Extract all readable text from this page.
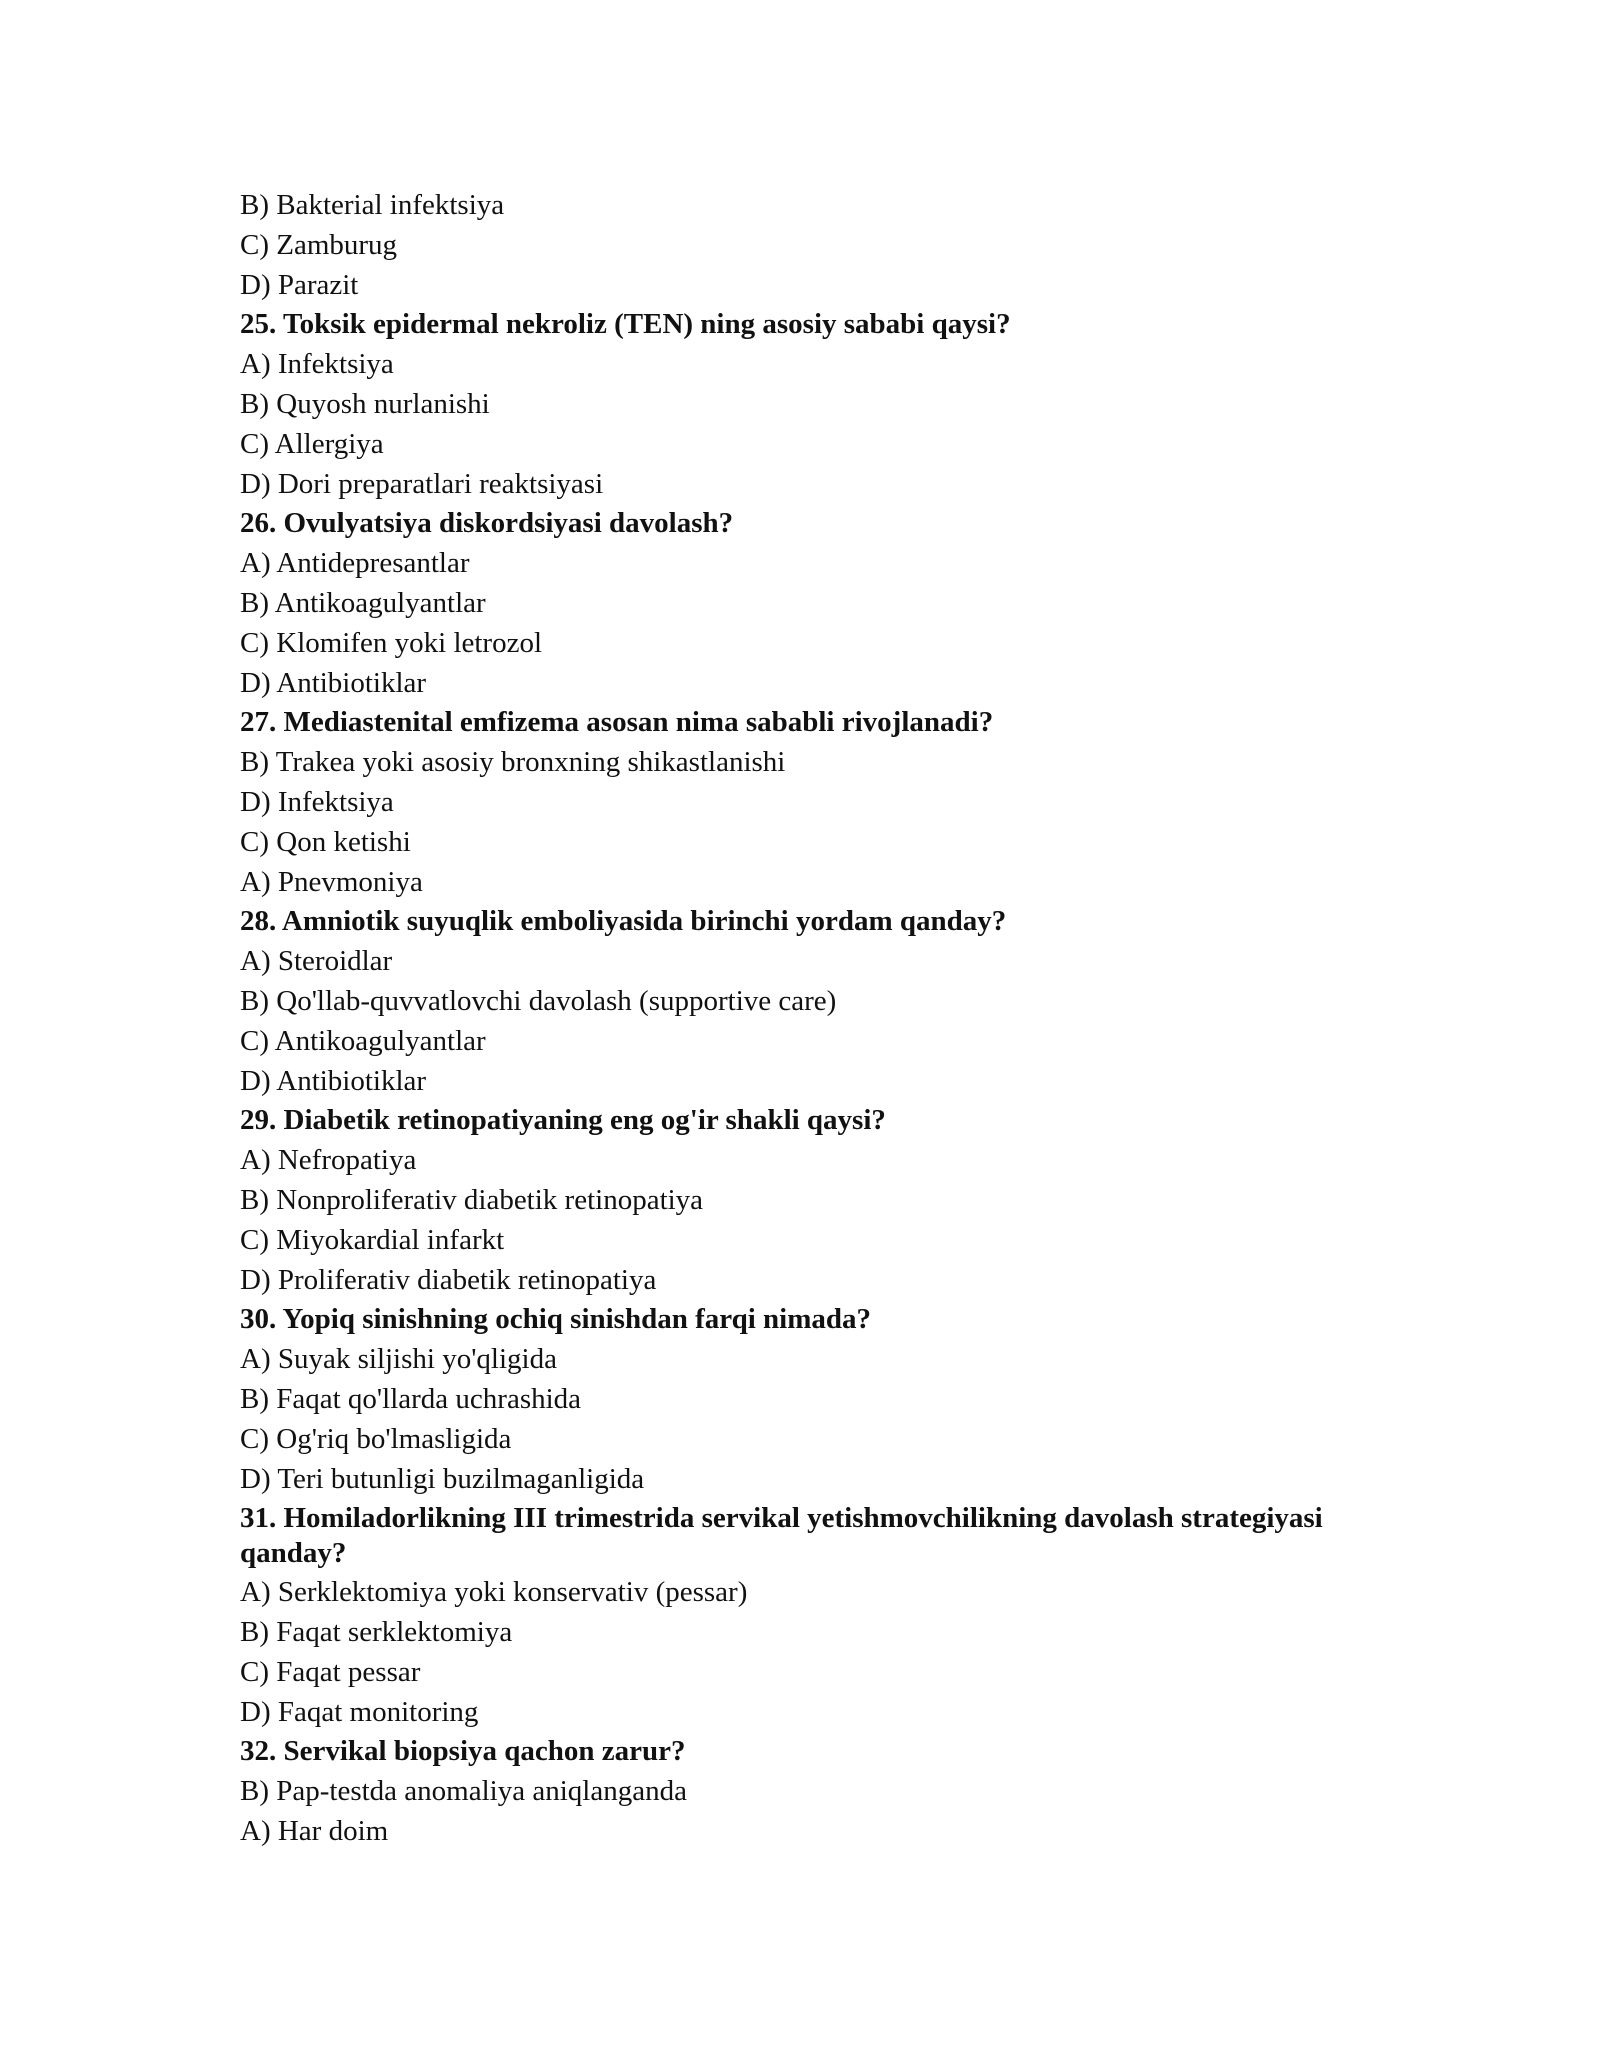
B) Bakterial infektsiya

C) Zamburug

D) Parazit

25. Toksik epidermal nekroliz (TEN) ning asosiy sababi qaysi?

A) Infektsiya

B) Quyosh nurlanishi

C) Allergiya

D) Dori preparatlari reaktsiyasi

26. Ovulyatsiya diskordsiyasi davolash?

A) Antidepresantlar

B) Antikoagulyantlar

C) Klomifen yoki letrozol

D) Antibiotiklar

27. Mediastenital emfizema asosan nima sababli rivojlanadi?

B) Trakea yoki asosiy bronxning shikastlanishi

D) Infektsiya

C) Qon ketishi

A) Pnevmoniya

28. Amniotik suyuqlik emboliyasida birinchi yordam qanday?

A) Steroidlar

B) Qo'llab-quvvatlovchi davolash (supportive care)

C) Antikoagulyantlar

D) Antibiotiklar

29. Diabetik retinopatiyaning eng og'ir shakli qaysi?

A) Nefropatiya

B) Nonproliferativ diabetik retinopatiya

C) Miyokardial infarkt

D) Proliferativ diabetik retinopatiya

30. Yopiq sinishning ochiq sinishdan farqi nimada?

A) Suyak siljishi yo'qligida

B) Faqat qo'llarda uchrashida

C) Og'riq bo'lmasligida

D) Teri butunligi buzilmaganligida

31. Homiladorlikning III trimestrida servikal yetishmovchilikning davolash strategiyasi qanday?

A) Serklektomiya yoki konservativ (pessar)

B) Faqat serklektomiya

C) Faqat pessar

D) Faqat monitoring

32. Servikal biopsiya qachon zarur?

B) Pap-testda anomaliya aniqlanganda

A) Har doim
